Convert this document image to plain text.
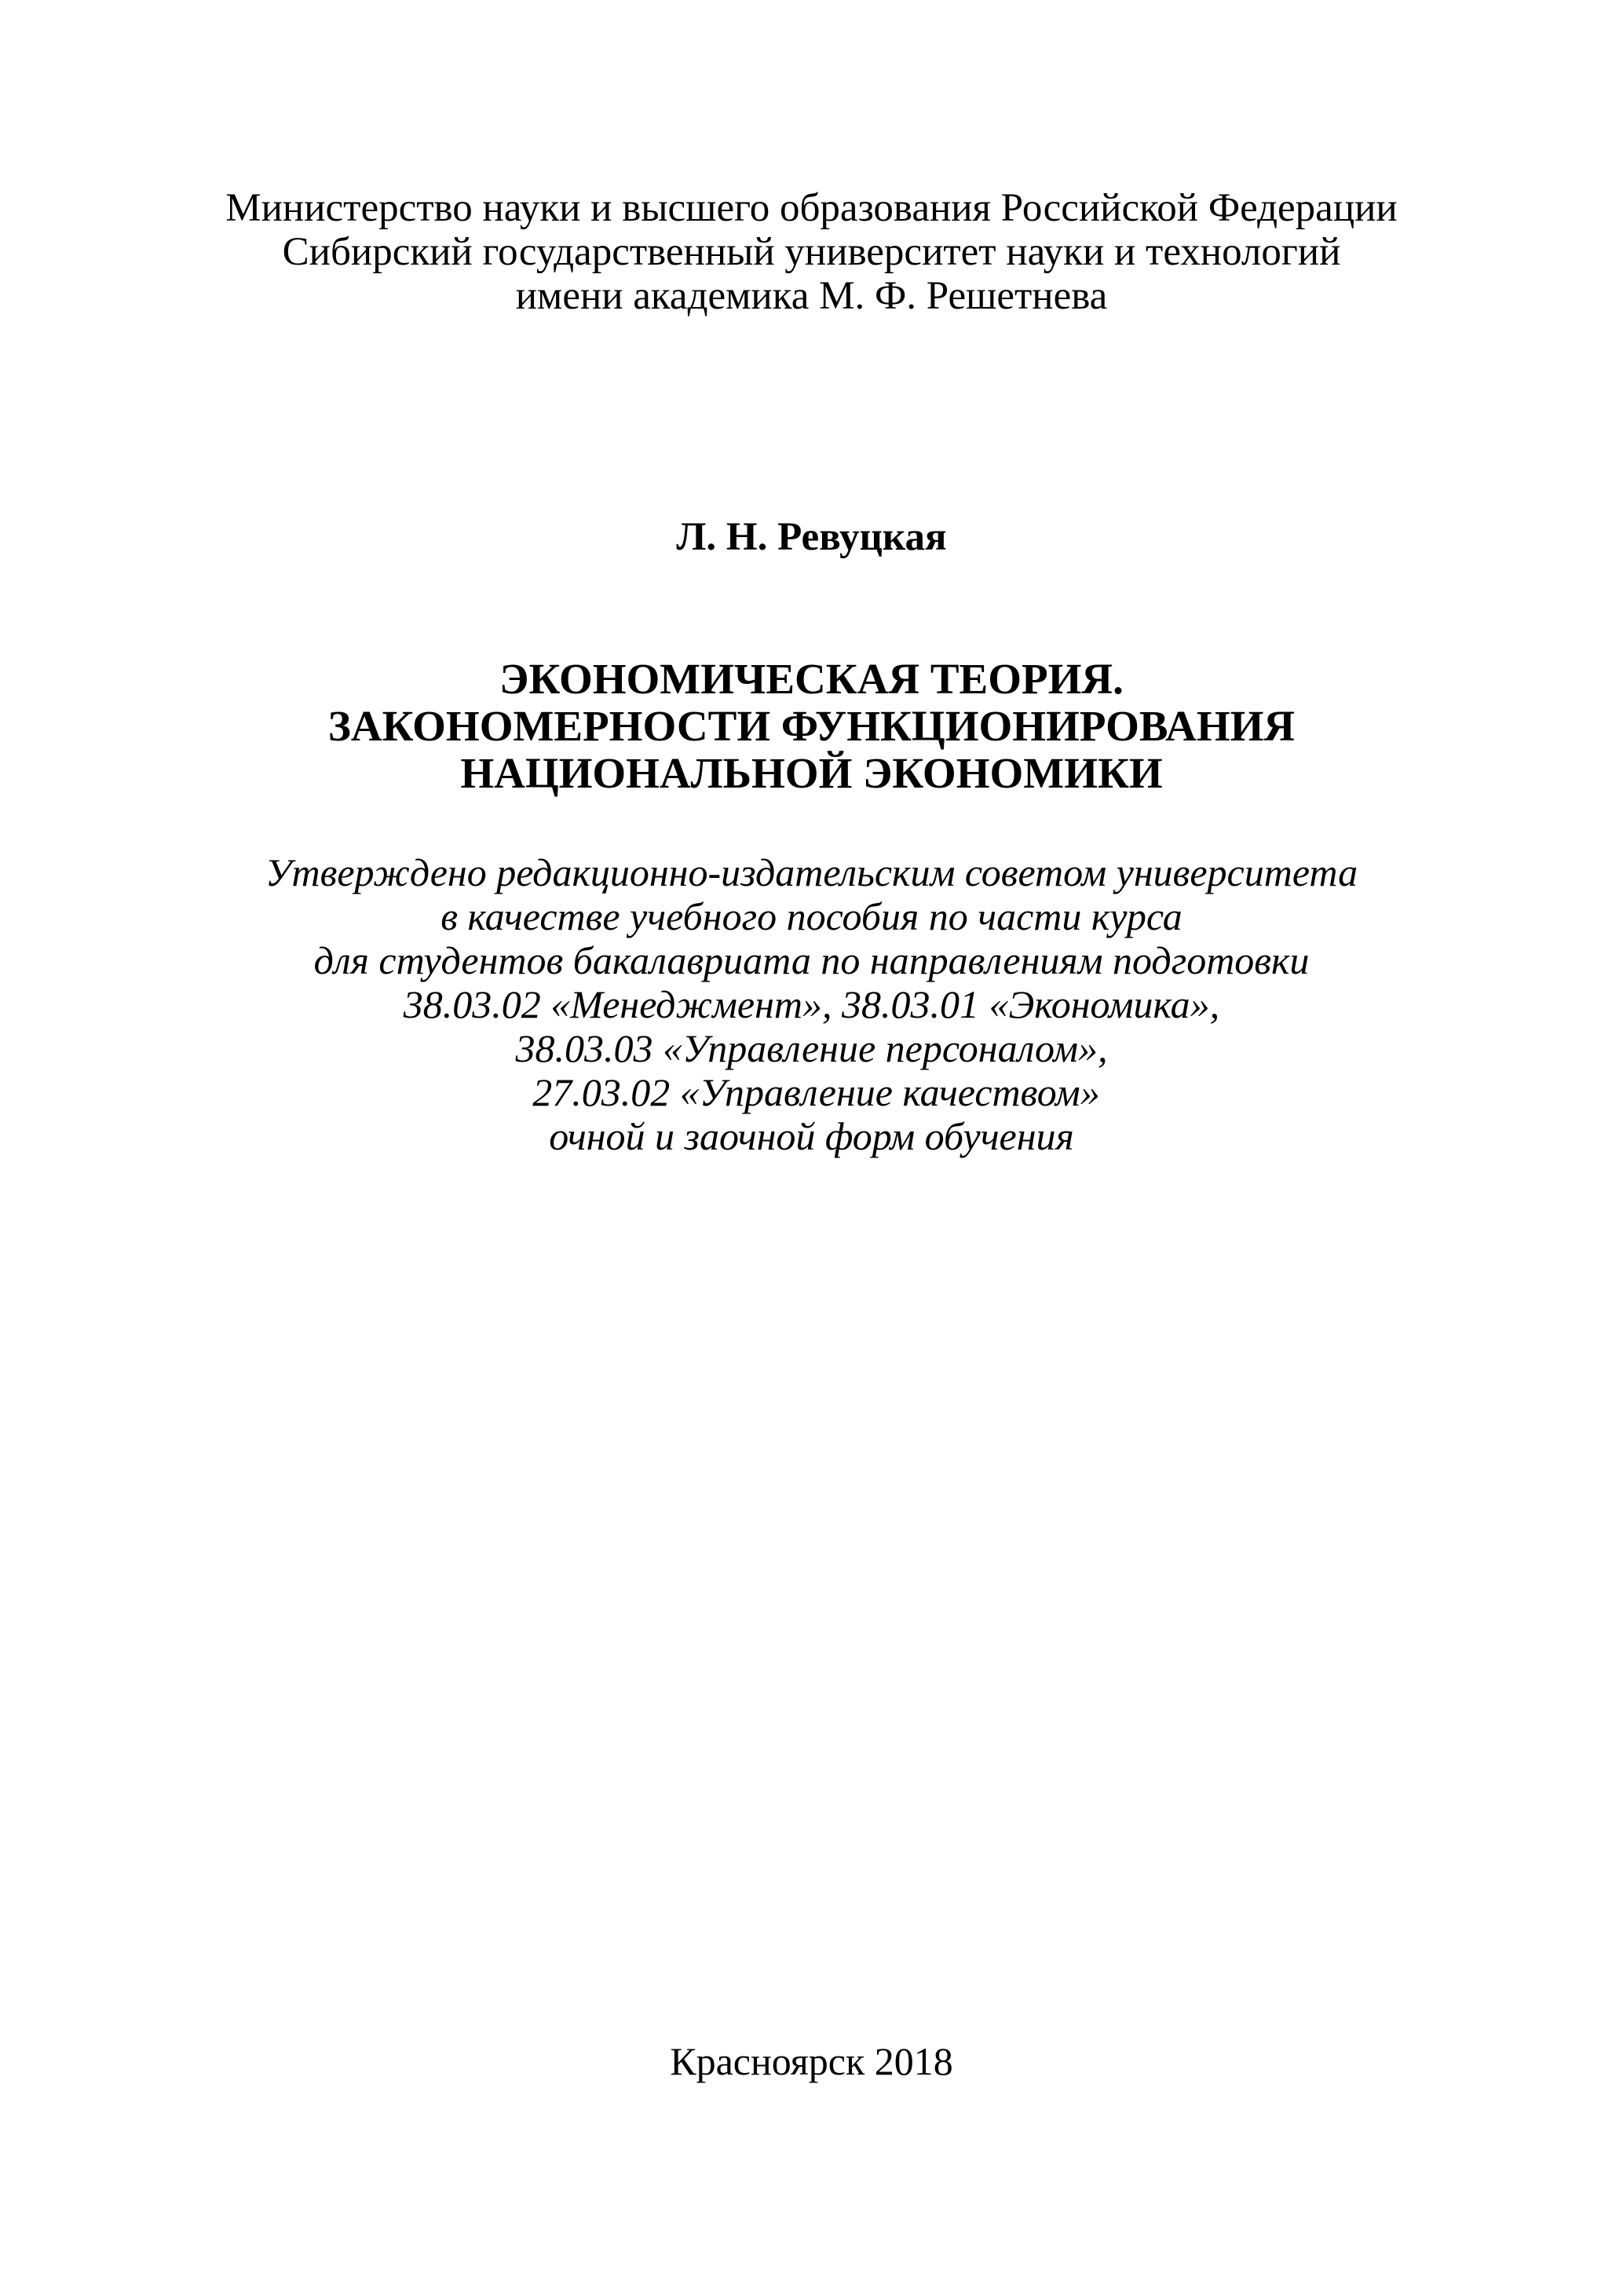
Министерство науки и высшего образования Российской Федерации
Сибирский государственный университет науки и технологий
имени академика М. Ф. Решетнева
Л. Н. Ревуцкая
ЭКОНОМИЧЕСКАЯ ТЕОРИЯ.
ЗАКОНОМЕРНОСТИ ФУНКЦИОНИРОВАНИЯ
НАЦИОНАЛЬНОЙ ЭКОНОМИКИ
Утверждено редакционно-издательским советом университета
в качестве учебного пособия по части курса
для студентов бакалавриата по направлениям подготовки
38.03.02 «Менеджмент», 38.03.01 «Экономика»,
38.03.03 «Управление персоналом»,
27.03.02 «Управление качеством»
очной и заочной форм обучения
Красноярск 2018
